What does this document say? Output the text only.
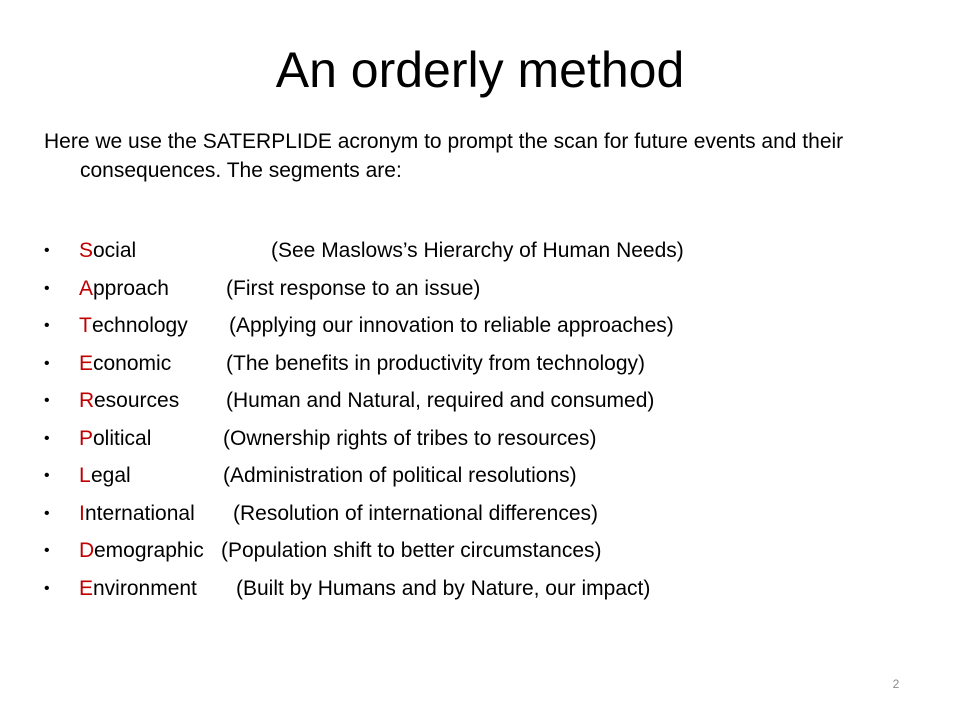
An orderly method
Here we use the SATERPLIDE acronym to prompt the scan for future events and their consequences. The segments are:
•	S ocial	(See Maslows’s Hierarchy of Human Needs)
•	A pproach	(First response to an issue)
•	T echnology (Applying our innovation to reliable approaches)
•	E conomic	(The benefits in productivity from technology)
•	R esources (Human and Natural, required and consumed)
•	P olitical	(Ownership rights of tribes to resources)
•	L egal	(Administration of political resolutions)
•	I nternational (Resolution of international differences)
•	D emographic (Population shift to better circumstances)
•	E nvironment (Built by Humans and by Nature, our impact)
2
